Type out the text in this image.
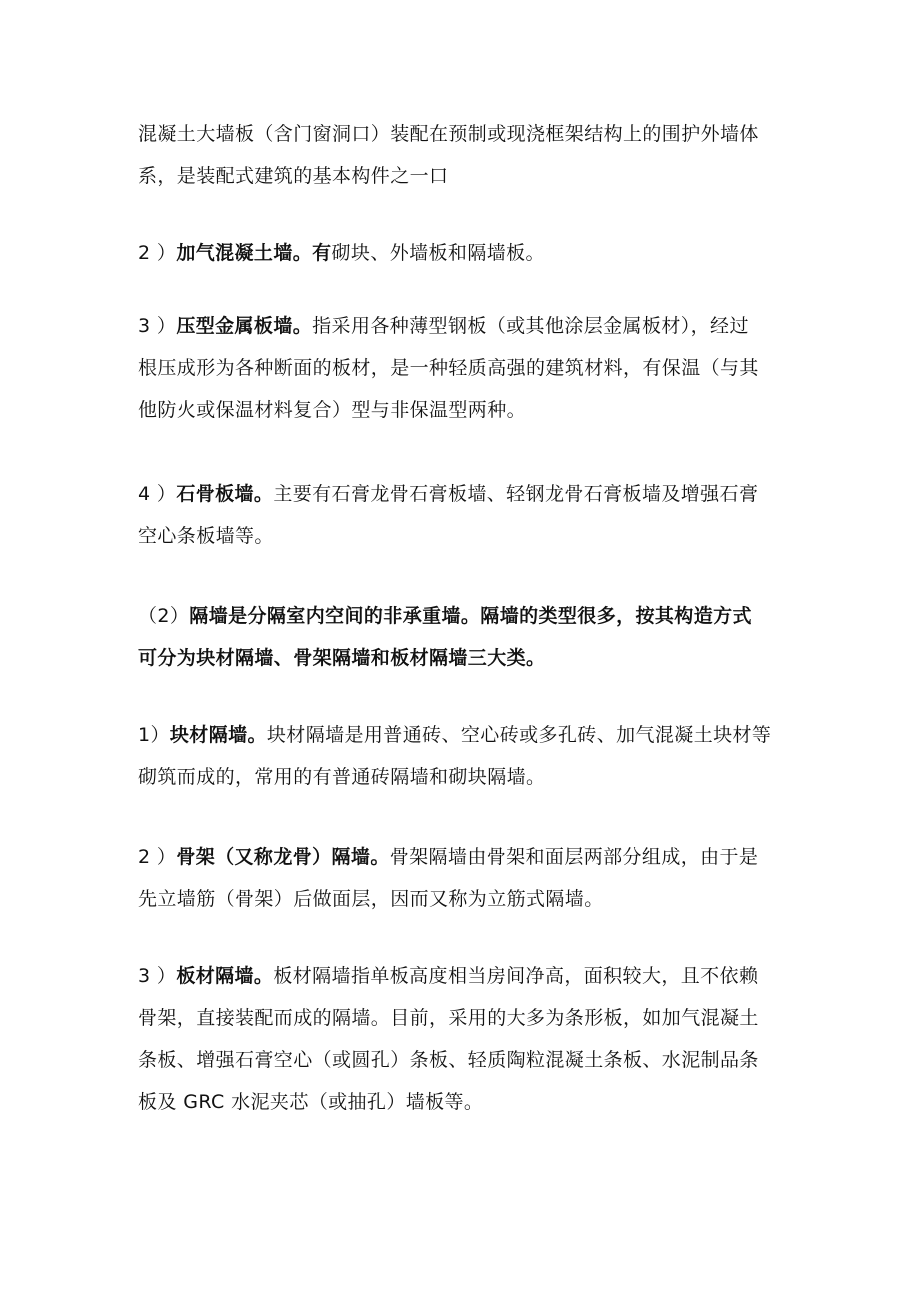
混凝土大墙板（含门窗洞口）装配在预制或现浇框架结构上的围护外墙体
系，是装配式建筑的基本构件之一口

2 ）加气混凝土墙。有砌块、外墙板和隔墙板。

3 ）压型金属板墙。指采用各种薄型钢板（或其他涂层金属板材），经过
根压成形为各种断面的板材，是一种轻质高强的建筑材料，有保温（与其
他防火或保温材料复合）型与非保温型两种。

4 ）石骨板墙。主要有石膏龙骨石膏板墙、轻钢龙骨石膏板墙及增强石膏
空心条板墙等。

（2）隔墙是分隔室内空间的非承重墙。隔墙的类型很多，按其构造方式
可分为块材隔墙、骨架隔墙和板材隔墙三大类。

1）块材隔墙。块材隔墙是用普通砖、空心砖或多孔砖、加气混凝土块材等
砌筑而成的，常用的有普通砖隔墙和砌块隔墙。

2 ）骨架（又称龙骨）隔墙。骨架隔墙由骨架和面层两部分组成，由于是
先立墙筋（骨架）后做面层，因而又称为立筋式隔墙。

3 ）板材隔墙。板材隔墙指单板高度相当房间净高，面积较大，且不依赖
骨架，直接装配而成的隔墙。目前，采用的大多为条形板，如加气混凝土
条板、增强石膏空心（或圆孔）条板、轻质陶粒混凝土条板、水泥制品条
板及 GRC 水泥夹芯（或抽孔）墙板等。
